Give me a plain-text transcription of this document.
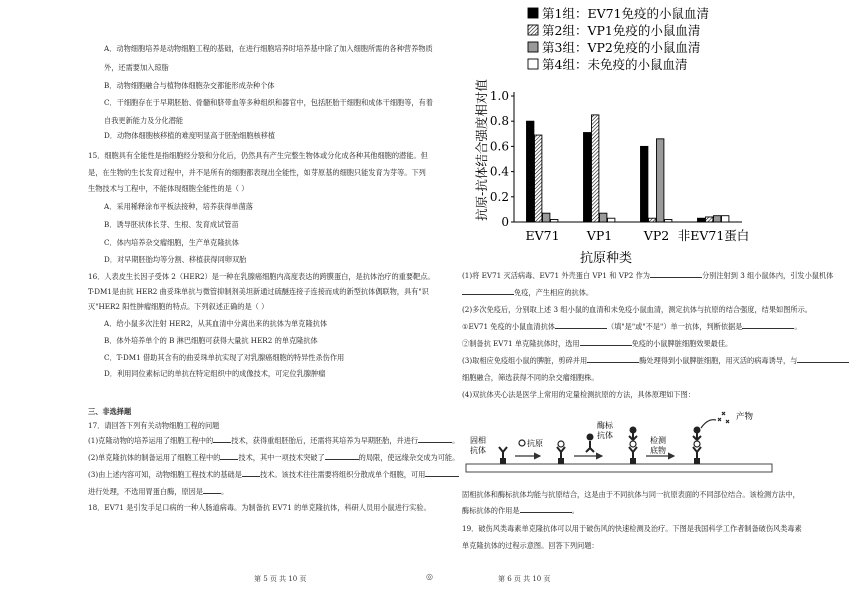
A．动物细胞培养是动物细胞工程的基础，在进行细胞培养时培养基中除了加入细胞所需的各种营养物质
外，还需要加入琼脂
B．动物细胞融合与植物体细胞杂交都能形成杂种个体
C．干细胞存在于早期胚胎、骨髓和脐带血等多种组织和器官中，包括胚胎干细胞和成体干细胞等，有着
自我更新能力及分化潜能
D．动物体细胞核移植的难度明显高于胚胎细胞核移植
15．细胞具有全能性是指细胞经分裂和分化后，仍然具有产生完整生物体或分化成各种其他细胞的潜能。但
是，在生物的生长发育过程中，并不是所有的细胞都表现出全能性，如芽原基的细胞只能发育为芽等。下列
生物技术与工程中，不能体现细胞全能性的是（ ）
A．采用稀释涂布平板法接种，培养获得单菌落
B．诱导胚状体长芽、生根、发育成试管苗
C．体内培养杂交瘤细胞，生产单克隆抗体
D．对早期胚胎均等分割、移植获得同卵双胎
16．人表皮生长因子受体 2（HER2）是一种在乳腺癌细胞内高度表达的跨膜蛋白，是抗体治疗的重要靶点。
T-DM1是由抗 HER2 曲妥珠单抗与微管抑制剂美坦新通过硫醚连接子连接而成的新型抗体偶联物，具有"识
灭"HER2 阳性肿瘤细胞的特点。下列叙述正确的是（ ）
A．给小鼠多次注射 HER2，从其血清中分离出来的抗体为单克隆抗体
B．体外培养单个的 B 淋巴细胞可获得大量抗 HER2 的单克隆抗体
C．T-DM1 借助其含有的曲妥珠单抗实现了对乳腺癌细胞的特异性杀伤作用
D．利用同位素标记的单抗在特定组织中的成像技术，可定位乳腺肿瘤
三、非选择题
17．请回答下列有关动物细胞工程的问题
(1)克隆动物的培养运用了细胞工程中的	技术，获得重组胚胎后，还需将其培养为早期胚胎，并进行	。
(2)单克隆抗体的制备运用了细胞工程中的	技术，其中一项技术突破了	的局限，使远缘杂交成为可能。
(3)由上述内容可知，动物细胞工程技术的基础是	技术。该技术往往需要将组织分散成单个细胞，可用
进行处理，不选用胃蛋白酶，原因是	。
18．EV71 是引发手足口病的一种人肠道病毒。为制备抗 EV71 的单克隆抗体，科研人员用小鼠进行实验。
第1组：EV71免疫的小鼠血清
第2组：VP1免疫的小鼠血清
第3组：VP2免疫的小鼠血清
第4组：未免疫的小鼠血清
抗原-抗体结合强度相对值
0
0.2
0.4
0.6
0.8
1.0
EV71 VP1	VP2 非EV71蛋白
抗原种类
(1)将 EV71 灭活病毒、EV71 外壳蛋白 VP1 和 VP2 作为	分别注射到 3 组小鼠体内，引发小鼠机体
免疫，产生相应的抗体。
(2)多次免疫后，分别取上述 3 组小鼠的血清和未免疫小鼠血清，测定抗体与抗原的结合强度，结果如图所示。
①EV71 免疫的小鼠血清抗体	（填"是"或"不是"）单一抗体，判断依据是	。
②制备抗 EV71 单克隆抗体时，选用	免疫的小鼠脾脏细胞效果最佳。
(3)取相应免疫组小鼠的脾脏，剪碎并用	酶处理得到小鼠脾脏细胞，用灭活的病毒诱导，与
细胞融合，筛选获得不同的杂交瘤细胞株。
(4)双抗体夹心法是医学上常用的定量检测抗原的方法，具体原理如下图：
固相抗体和酶标抗体均能与抗原结合，这是由于不同抗体与同一抗原表面的不同部位结合。该检测方法中，
酶标抗体的作用是	。
19．破伤风类毒素单克隆抗体可以用于破伤风的快速检测及治疗。下图是我国科学工作者制备破伤风类毒素
单克隆抗体的过程示意图。回答下列问题：
固相
抗体
抗原
酶标
抗体
检测
底物
产物
第 5 页 共 10 页	◎	第 6 页 共 10 页
